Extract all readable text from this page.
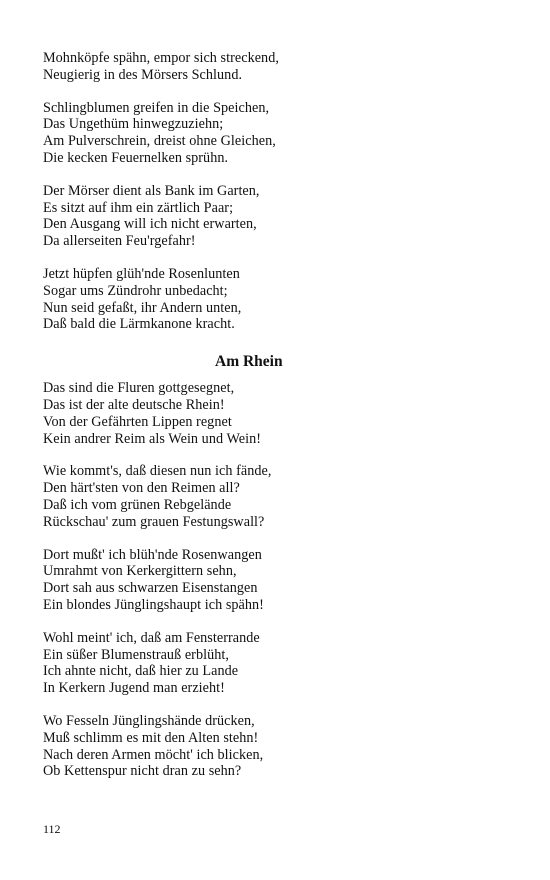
Mohnköpfe spähn, empor sich streckend,
Neugierig in des Mörsers Schlund.
Schlingblumen greifen in die Speichen,
Das Ungethüm hinwegzuziehn;
Am Pulverschrein, dreist ohne Gleichen,
Die kecken Feuernelken sprühn.
Der Mörser dient als Bank im Garten,
Es sitzt auf ihm ein zärtlich Paar;
Den Ausgang will ich nicht erwarten,
Da allerseiten Feu'rgefahr!
Jetzt hüpfen glüh'nde Rosenlunten
Sogar ums Zündrohr unbedacht;
Nun seid gefaßt, ihr Andern unten,
Daß bald die Lärmkanone kracht.
Am Rhein
Das sind die Fluren gottgesegnet,
Das ist der alte deutsche Rhein!
Von der Gefährten Lippen regnet
Kein andrer Reim als Wein und Wein!
Wie kommt's, daß diesen nun ich fände,
Den härt'sten von den Reimen all?
Daß ich vom grünen Rebgelände
Rückschau' zum grauen Festungswall?
Dort mußt' ich blüh'nde Rosenwangen
Umrahmt von Kerkergittern sehn,
Dort sah aus schwarzen Eisenstangen
Ein blondes Jünglingshaupt ich spähn!
Wohl meint' ich, daß am Fensterrande
Ein süßer Blumenstrauß erblüht,
Ich ahnte nicht, daß hier zu Lande
In Kerkern Jugend man erzieht!
Wo Fesseln Jünglingshände drücken,
Muß schlimm es mit den Alten stehn!
Nach deren Armen möcht' ich blicken,
Ob Kettenspur nicht dran zu sehn?
112
